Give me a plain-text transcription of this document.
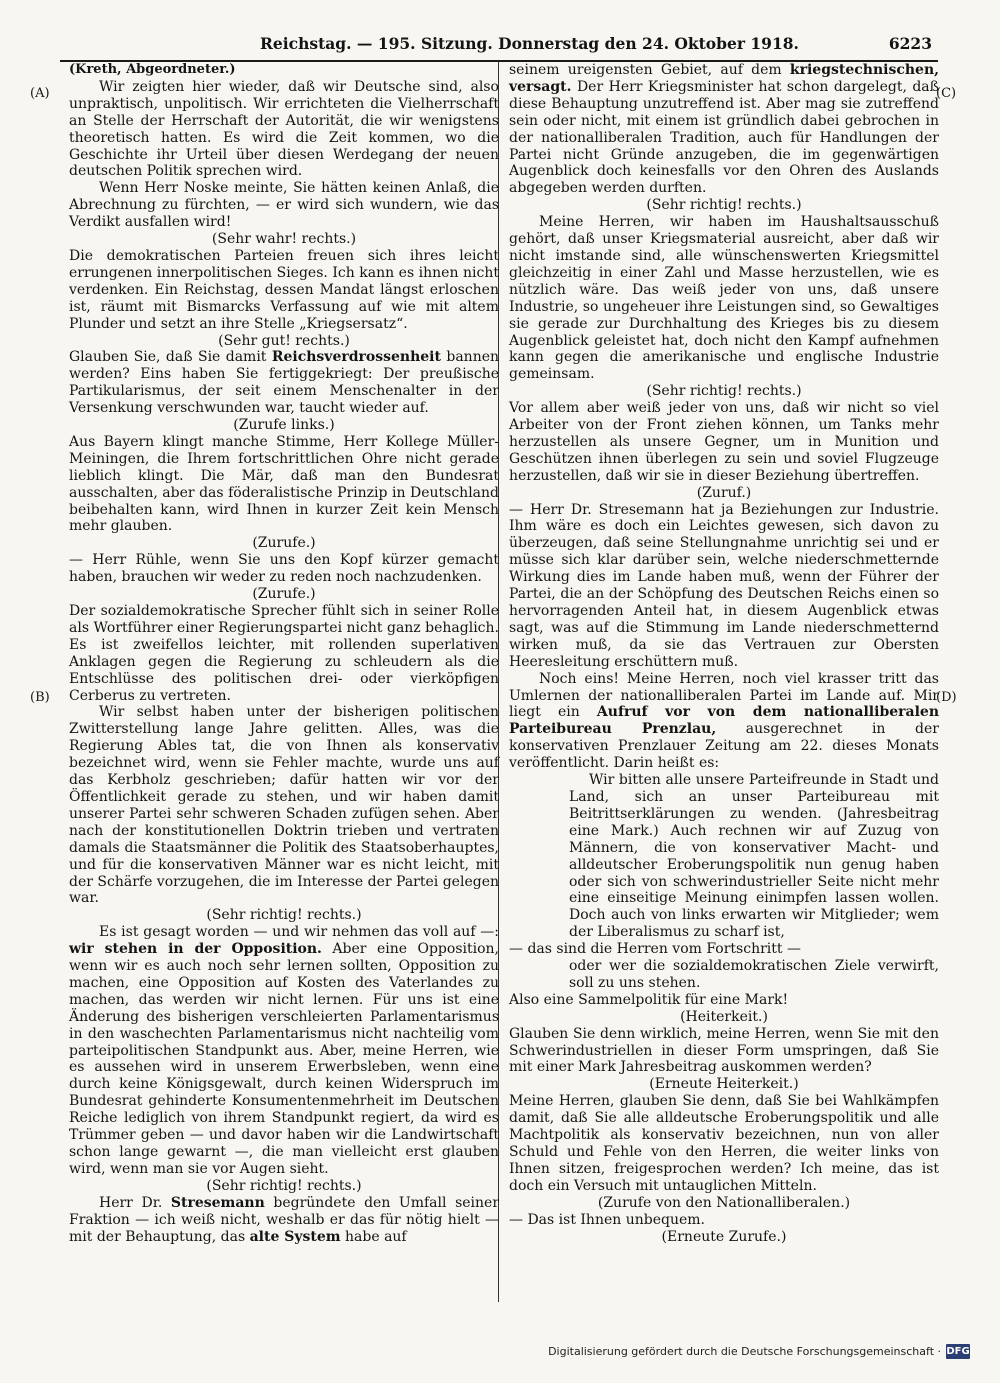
Reichstag. — 195. Sitzung. Donnerstag den 24. Oktober 1918.	6223
(A)
(B)
(C)
(D)

(Kreth, Abgeordneter.)

Wir zeigten hier wieder, daß wir Deutsche sind, also unpraktisch, unpolitisch. Wir errichteten die Vielherrschaft an Stelle der Herrschaft der Autorität, die wir wenigstens theoretisch hatten. Es wird die Zeit kommen, wo die Geschichte ihr Urteil über diesen Werdegang der neuen deutschen Politik sprechen wird.

Wenn Herr Noske meinte, Sie hätten keinen Anlaß, die Abrechnung zu fürchten, — er wird sich wundern, wie das Verdikt ausfallen wird!

(Sehr wahr! rechts.)

Die demokratischen Parteien freuen sich ihres leicht errungenen innerpolitischen Sieges. Ich kann es ihnen nicht verdenken. Ein Reichstag, dessen Mandat längst erloschen ist, räumt mit Bismarcks Verfassung auf wie mit altem Plunder und setzt an ihre Stelle „Kriegsersatz“.

(Sehr gut! rechts.)

Glauben Sie, daß Sie damit Reichsverdrossenheit bannen werden? Eins haben Sie fertiggekriegt: Der preußische Partikularismus, der seit einem Menschenalter in der Versenkung verschwunden war, taucht wieder auf.

(Zurufe links.)

Aus Bayern klingt manche Stimme, Herr Kollege Müller-Meiningen, die Ihrem fortschrittlichen Ohre nicht gerade lieblich klingt. Die Mär, daß man den Bundesrat ausschalten, aber das föderalistische Prinzip in Deutschland beibehalten kann, wird Ihnen in kurzer Zeit kein Mensch mehr glauben.

(Zurufe.)

— Herr Rühle, wenn Sie uns den Kopf kürzer gemacht haben, brauchen wir weder zu reden noch nachzudenken.

(Zurufe.)

Der sozialdemokratische Sprecher fühlt sich in seiner Rolle als Wortführer einer Regierungspartei nicht ganz behaglich. Es ist zweifellos leichter, mit rollenden superlativen Anklagen gegen die Regierung zu schleudern als die Entschlüsse des politischen drei- oder vierköpfigen Cerberus zu vertreten.

Wir selbst haben unter der bisherigen politischen Zwitterstellung lange Jahre gelitten. Alles, was die Regierung Ables tat, die von Ihnen als konservativ bezeichnet wird, wenn sie Fehler machte, wurde uns auf das Kerbholz geschrieben; dafür hatten wir vor der Öffentlichkeit gerade zu stehen, und wir haben damit unserer Partei sehr schweren Schaden zufügen sehen. Aber nach der konstitutionellen Doktrin trieben und vertraten damals die Staatsmänner die Politik des Staatsoberhauptes, und für die konservativen Männer war es nicht leicht, mit der Schärfe vorzugehen, die im Interesse der Partei gelegen war.

(Sehr richtig! rechts.)

Es ist gesagt worden — und wir nehmen das voll auf —: wir stehen in der Opposition. Aber eine Opposition, wenn wir es auch noch sehr lernen sollten, Opposition zu machen, eine Opposition auf Kosten des Vaterlandes zu machen, das werden wir nicht lernen. Für uns ist eine Änderung des bisherigen verschleierten Parlamentarismus in den waschechten Parlamentarismus nicht nachteilig vom parteipolitischen Standpunkt aus. Aber, meine Herren, wie es aussehen wird in unserem Erwerbsleben, wenn eine durch keine Königsgewalt, durch keinen Widerspruch im Bundesrat gehinderte Konsumentenmehrheit im Deutschen Reiche lediglich von ihrem Standpunkt regiert, da wird es Trümmer geben — und davor haben wir die Landwirtschaft schon lange gewarnt —, die man vielleicht erst glauben wird, wenn man sie vor Augen sieht.

(Sehr richtig! rechts.)

Herr Dr. Stresemann begründete den Umfall seiner Fraktion — ich weiß nicht, weshalb er das für nötig hielt — mit der Behauptung, das alte System habe auf

seinem ureigensten Gebiet, auf dem kriegstechnischen, versagt. Der Herr Kriegsminister hat schon dargelegt, daß diese Behauptung unzutreffend ist. Aber mag sie zutreffend sein oder nicht, mit einem ist gründlich dabei gebrochen in der nationalliberalen Tradition, auch für Handlungen der Partei nicht Gründe anzugeben, die im gegenwärtigen Augenblick doch keinesfalls vor den Ohren des Auslands abgegeben werden durften.

(Sehr richtig! rechts.)

Meine Herren, wir haben im Haushaltsausschuß gehört, daß unser Kriegsmaterial ausreicht, aber daß wir nicht imstande sind, alle wünschenswerten Kriegsmittel gleichzeitig in einer Zahl und Masse herzustellen, wie es nützlich wäre. Das weiß jeder von uns, daß unsere Industrie, so ungeheuer ihre Leistungen sind, so Gewaltiges sie gerade zur Durchhaltung des Krieges bis zu diesem Augenblick geleistet hat, doch nicht den Kampf aufnehmen kann gegen die amerikanische und englische Industrie gemeinsam.

(Sehr richtig! rechts.)

Vor allem aber weiß jeder von uns, daß wir nicht so viel Arbeiter von der Front ziehen können, um Tanks mehr herzustellen als unsere Gegner, um in Munition und Geschützen ihnen überlegen zu sein und soviel Flugzeuge herzustellen, daß wir sie in dieser Beziehung übertreffen.

(Zuruf.)

— Herr Dr. Stresemann hat ja Beziehungen zur Industrie. Ihm wäre es doch ein Leichtes gewesen, sich davon zu überzeugen, daß seine Stellungnahme unrichtig sei und er müsse sich klar darüber sein, welche niederschmetternde Wirkung dies im Lande haben muß, wenn der Führer der Partei, die an der Schöpfung des Deutschen Reichs einen so hervorragenden Anteil hat, in diesem Augenblick etwas sagt, was auf die Stimmung im Lande niederschmetternd wirken muß, da sie das Vertrauen zur Obersten Heeresleitung erschüttern muß.

Noch eins! Meine Herren, noch viel krasser tritt das Umlernen der nationalliberalen Partei im Lande auf. Mir liegt ein Aufruf vor von dem nationalliberalen Parteibureau Prenzlau, ausgerechnet in der konservativen Prenzlauer Zeitung am 22. dieses Monats veröffentlicht. Darin heißt es:

Wir bitten alle unsere Parteifreunde in Stadt und Land, sich an unser Parteibureau mit Beitrittserklärungen zu wenden. (Jahresbeitrag eine Mark.) Auch rechnen wir auf Zuzug von Männern, die von konservativer Macht- und alldeutscher Eroberungspolitik nun genug haben oder sich von schwerindustrieller Seite nicht mehr eine einseitige Meinung einimpfen lassen wollen. Doch auch von links erwarten wir Mitglieder; wem der Liberalismus zu scharf ist,

— das sind die Herren vom Fortschritt —

oder wer die sozialdemokratischen Ziele verwirft, soll zu uns stehen.

Also eine Sammelpolitik für eine Mark!

(Heiterkeit.)

Glauben Sie denn wirklich, meine Herren, wenn Sie mit den Schwerindustriellen in dieser Form umspringen, daß Sie mit einer Mark Jahresbeitrag auskommen werden?

(Erneute Heiterkeit.)

Meine Herren, glauben Sie denn, daß Sie bei Wahlkämpfen damit, daß Sie alle alldeutsche Eroberungspolitik und alle Machtpolitik als konservativ bezeichnen, nun von aller Schuld und Fehle von den Herren, die weiter links von Ihnen sitzen, freigesprochen werden? Ich meine, das ist doch ein Versuch mit untauglichen Mitteln.

(Zurufe von den Nationalliberalen.)

— Das ist Ihnen unbequem.

(Erneute Zurufe.)

Digitalisierung gefördert durch die Deutsche Forschungsgemeinschaft · DFG
